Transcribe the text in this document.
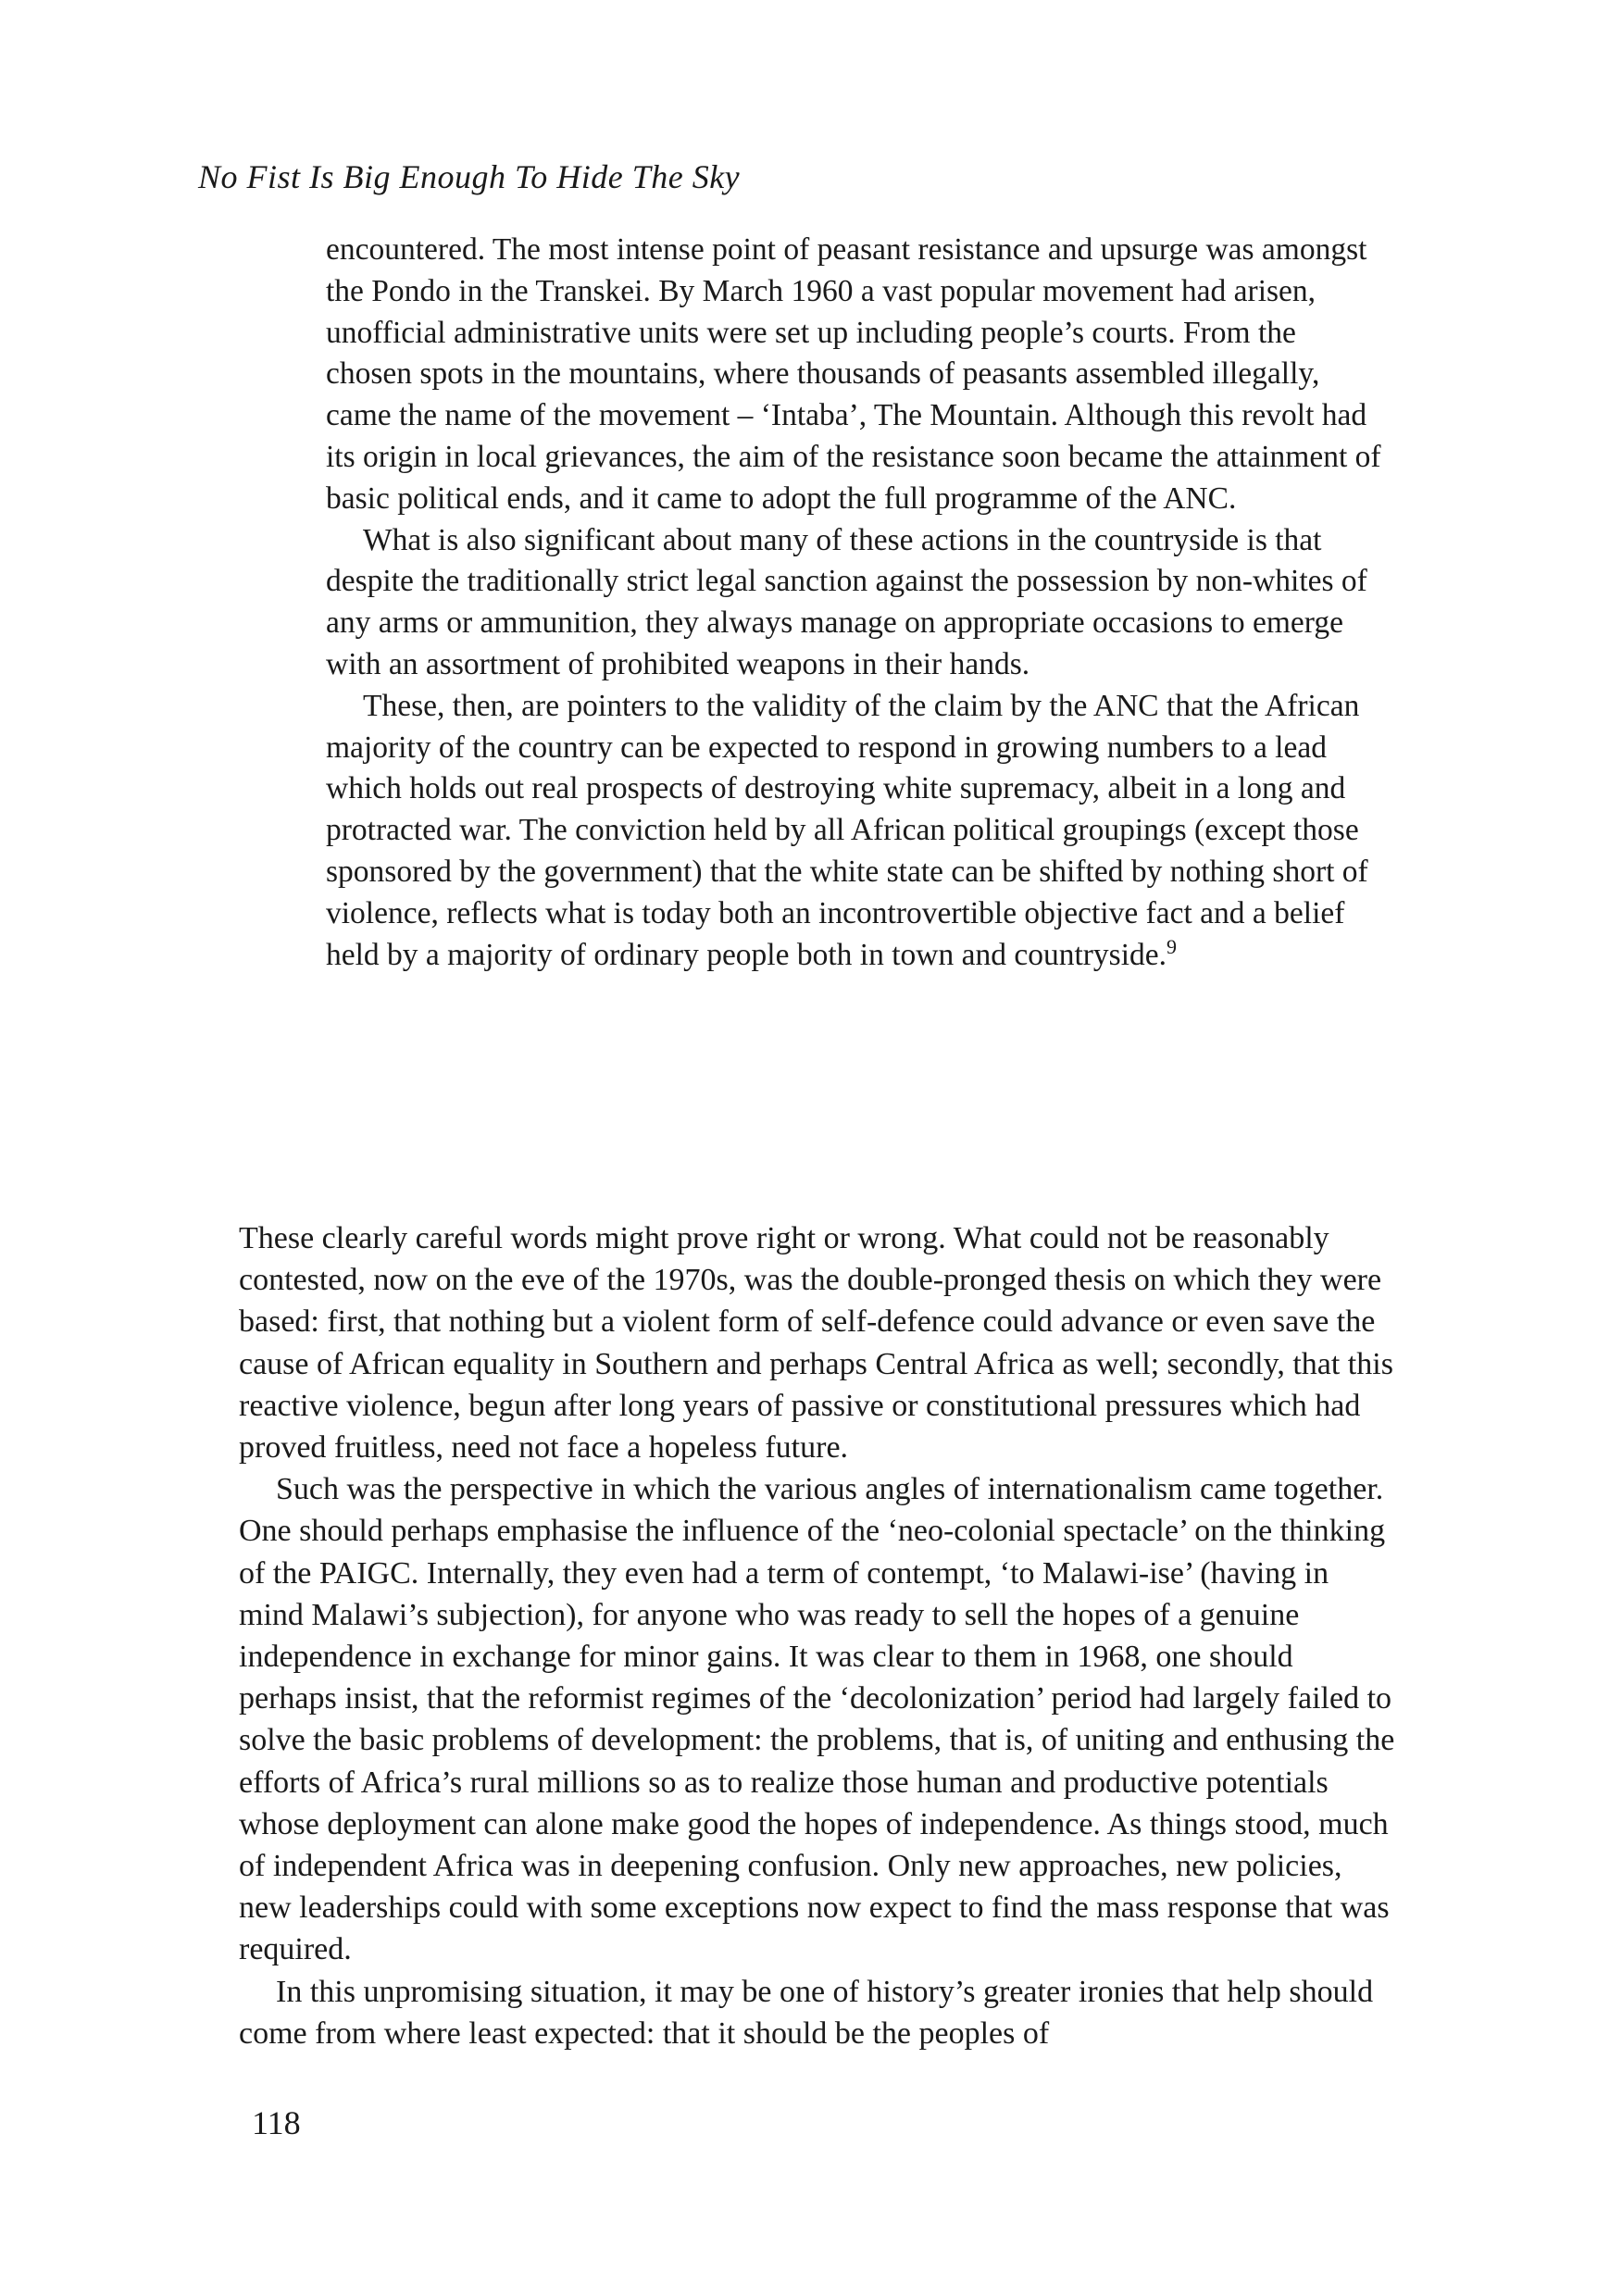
No Fist Is Big Enough To Hide The Sky

encountered. The most intense point of peasant resistance and upsurge was amongst the Pondo in the Transkei. By March 1960 a vast popular movement had arisen, unofficial administrative units were set up including people’s courts. From the chosen spots in the mountains, where thousands of peasants assembled illegally, came the name of the movement – ‘Intaba’, The Mountain. Although this revolt had its origin in local grievances, the aim of the resistance soon became the attainment of basic political ends, and it came to adopt the full programme of the ANC.

What is also significant about many of these actions in the countryside is that despite the traditionally strict legal sanction against the possession by non-whites of any arms or ammunition, they always manage on appropriate occasions to emerge with an assortment of prohibited weapons in their hands.

These, then, are pointers to the validity of the claim by the ANC that the African majority of the country can be expected to respond in growing numbers to a lead which holds out real prospects of destroying white supremacy, albeit in a long and protracted war. The conviction held by all African political groupings (except those sponsored by the government) that the white state can be shifted by nothing short of violence, reflects what is today both an incontrovertible objective fact and a belief held by a majority of ordinary people both in town and countryside.$^9$

These clearly careful words might prove right or wrong. What could not be reasonably contested, now on the eve of the 1970s, was the double-pronged thesis on which they were based: first, that nothing but a violent form of self-defence could advance or even save the cause of African equality in Southern and perhaps Central Africa as well; secondly, that this reactive violence, begun after long years of passive or constitutional pressures which had proved fruitless, need not face a hopeless future.

Such was the perspective in which the various angles of internationalism came together. One should perhaps emphasise the influence of the ‘neo-colonial spectacle’ on the thinking of the PAIGC. Internally, they even had a term of contempt, ‘to Malawi-ise’ (having in mind Malawi’s subjection), for anyone who was ready to sell the hopes of a genuine independence in exchange for minor gains. It was clear to them in 1968, one should perhaps insist, that the reformist regimes of the ‘decolonization’ period had largely failed to solve the basic problems of development: the problems, that is, of uniting and enthusing the efforts of Africa’s rural millions so as to realize those human and productive potentials whose deployment can alone make good the hopes of independence. As things stood, much of independent Africa was in deepening confusion. Only new approaches, new policies, new leaderships could with some exceptions now expect to find the mass response that was required.

In this unpromising situation, it may be one of history’s greater ironies that help should come from where least expected: that it should be the peoples of

118
